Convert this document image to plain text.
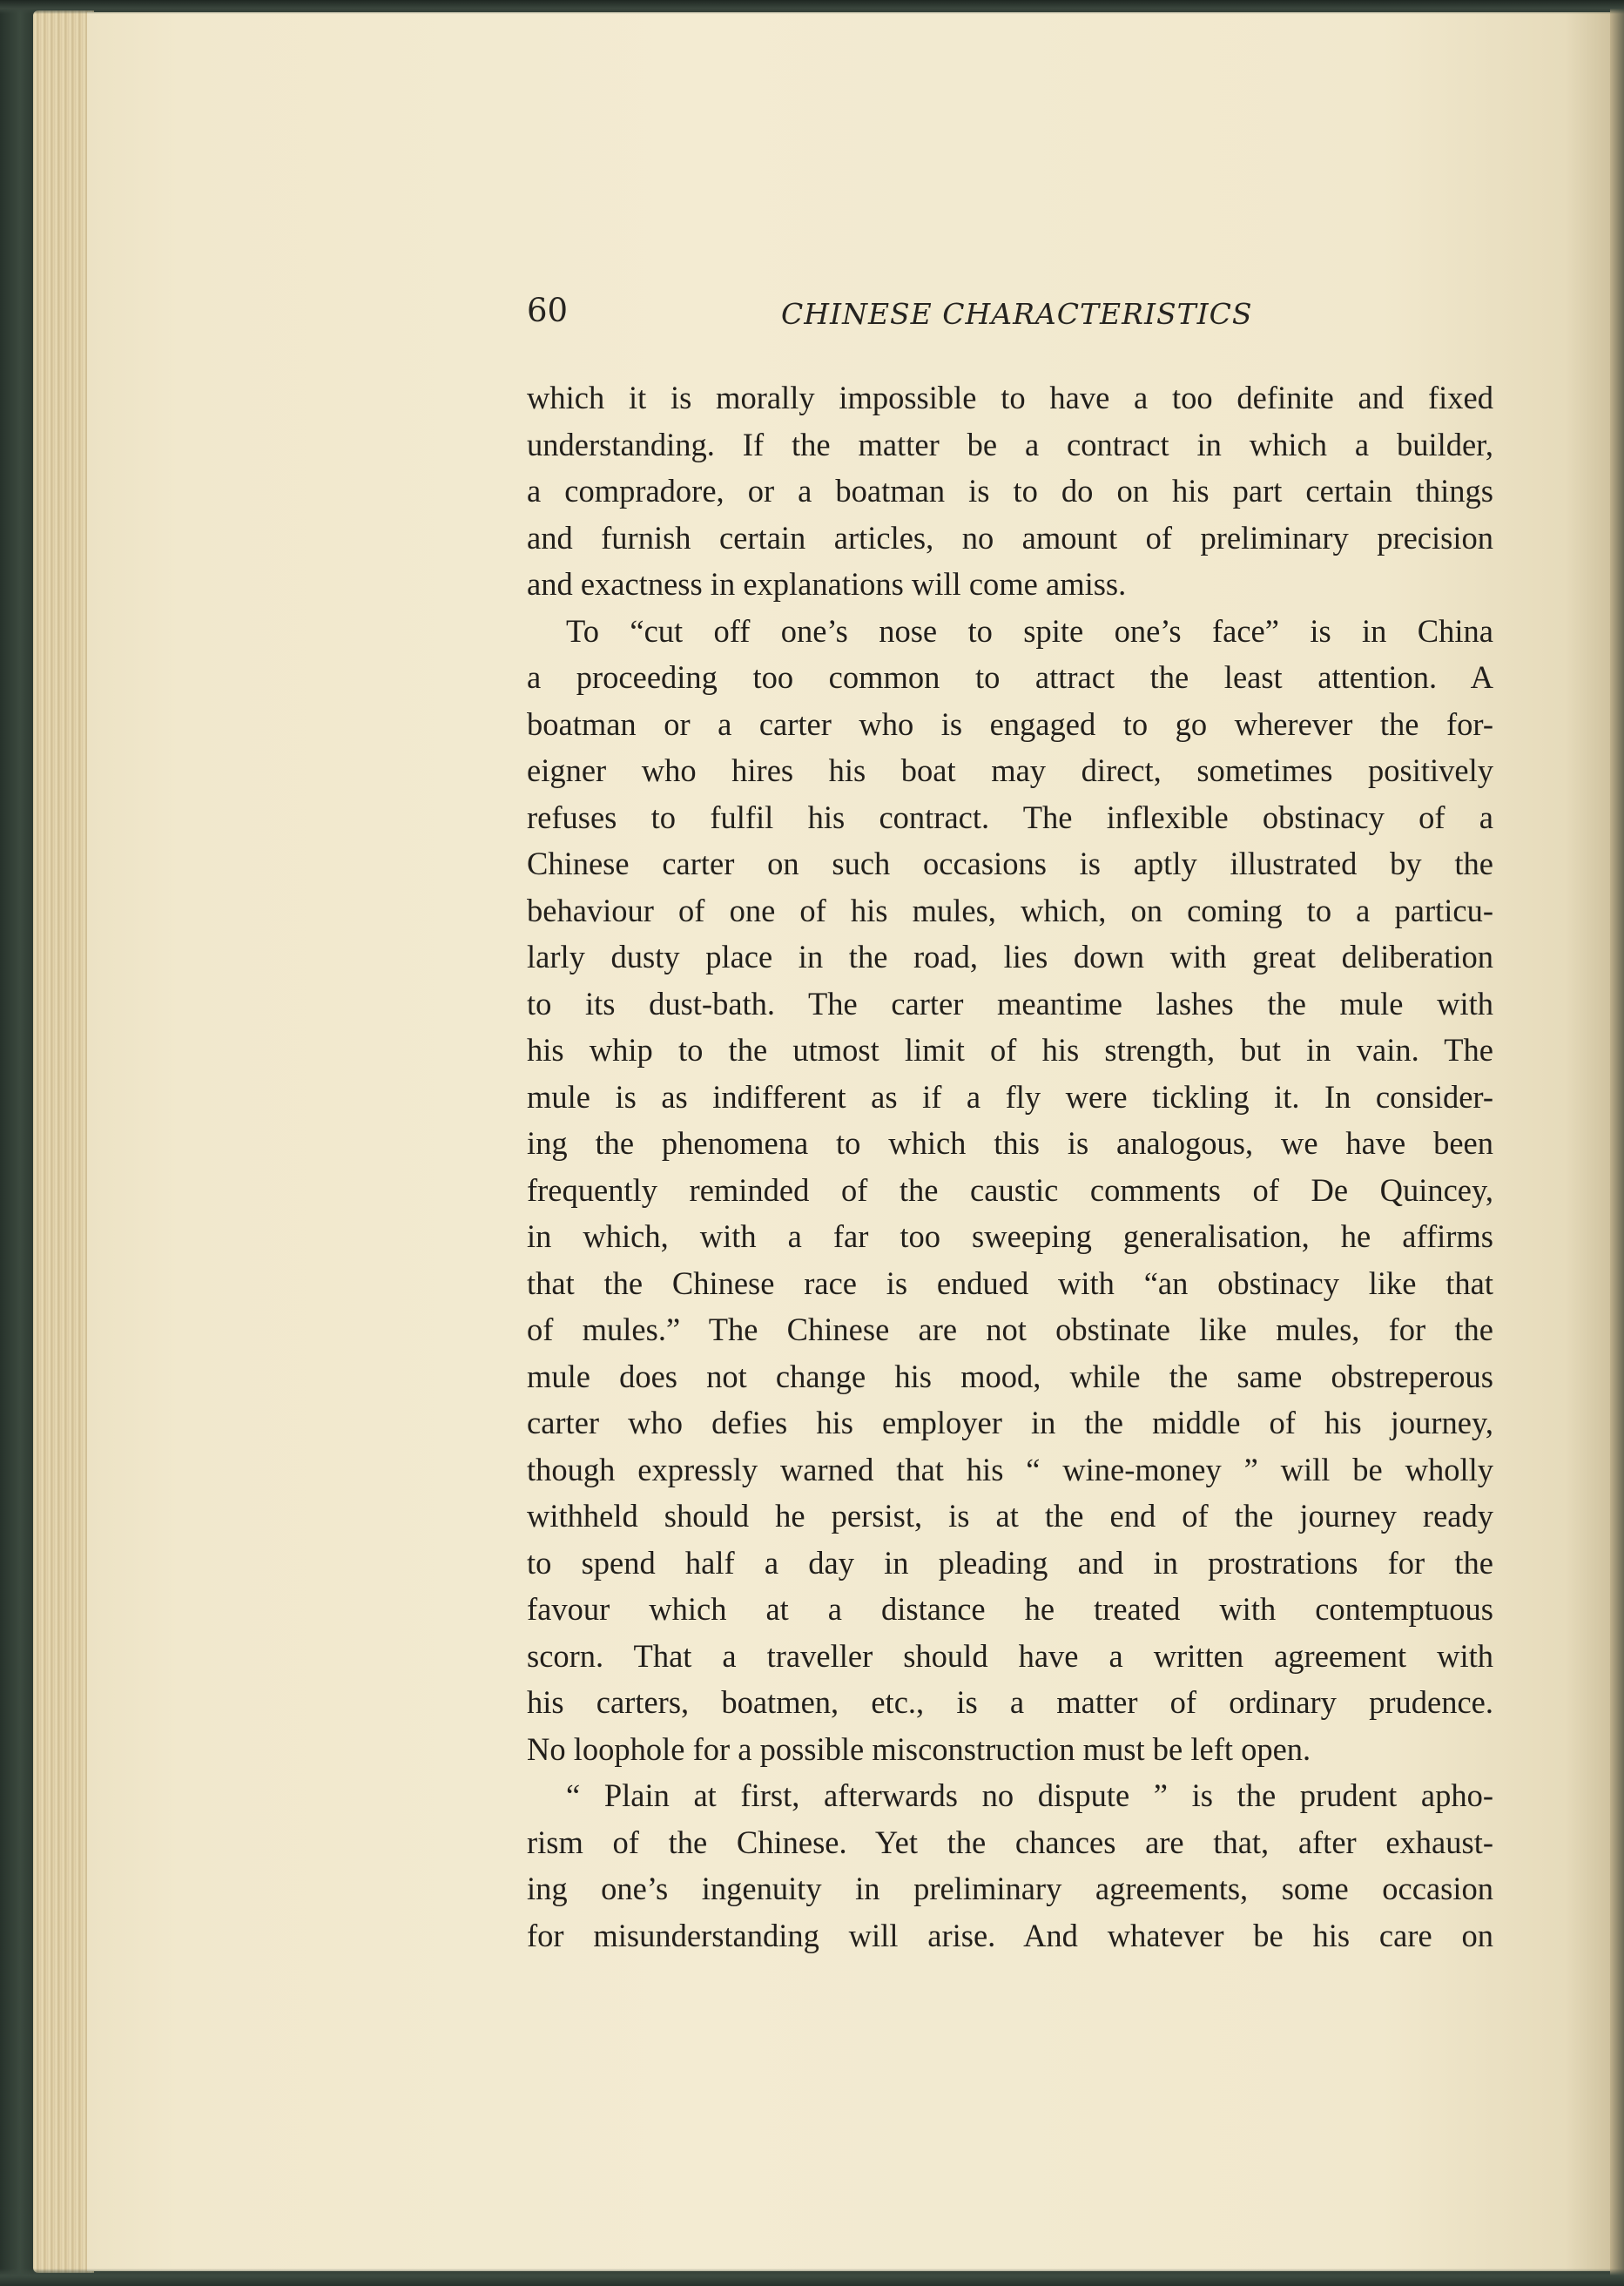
60	CHINESE CHARACTERISTICS
which it is morally impossible to have a too definite and fixed
understanding. If the matter be a contract in which a builder,
a compradore, or a boatman is to do on his part certain things
and furnish certain articles, no amount of preliminary precision
and exactness in explanations will come amiss.
To “cut off one’s nose to spite one’s face” is in China
a proceeding too common to attract the least attention. A
boatman or a carter who is engaged to go wherever the for-
eigner who hires his boat may direct, sometimes positively
refuses to fulfil his contract. The inflexible obstinacy of a
Chinese carter on such occasions is aptly illustrated by the
behaviour of one of his mules, which, on coming to a particu-
larly dusty place in the road, lies down with great deliberation
to its dust-bath. The carter meantime lashes the mule with
his whip to the utmost limit of his strength, but in vain. The
mule is as indifferent as if a fly were tickling it. In consider-
ing the phenomena to which this is analogous, we have been
frequently reminded of the caustic comments of De Quincey,
in which, with a far too sweeping generalisation, he affirms
that the Chinese race is endued with “an obstinacy like that
of mules.” The Chinese are not obstinate like mules, for the
mule does not change his mood, while the same obstreperous
carter who defies his employer in the middle of his journey,
though expressly warned that his “ wine-money ” will be wholly
withheld should he persist, is at the end of the journey ready
to spend half a day in pleading and in prostrations for the
favour which at a distance he treated with contemptuous
scorn. That a traveller should have a written agreement with
his carters, boatmen, etc., is a matter of ordinary prudence.
No loophole for a possible misconstruction must be left open.
“ Plain at first, afterwards no dispute ” is the prudent apho-
rism of the Chinese. Yet the chances are that, after exhaust-
ing one’s ingenuity in preliminary agreements, some occasion
for misunderstanding will arise. And whatever be his care on
